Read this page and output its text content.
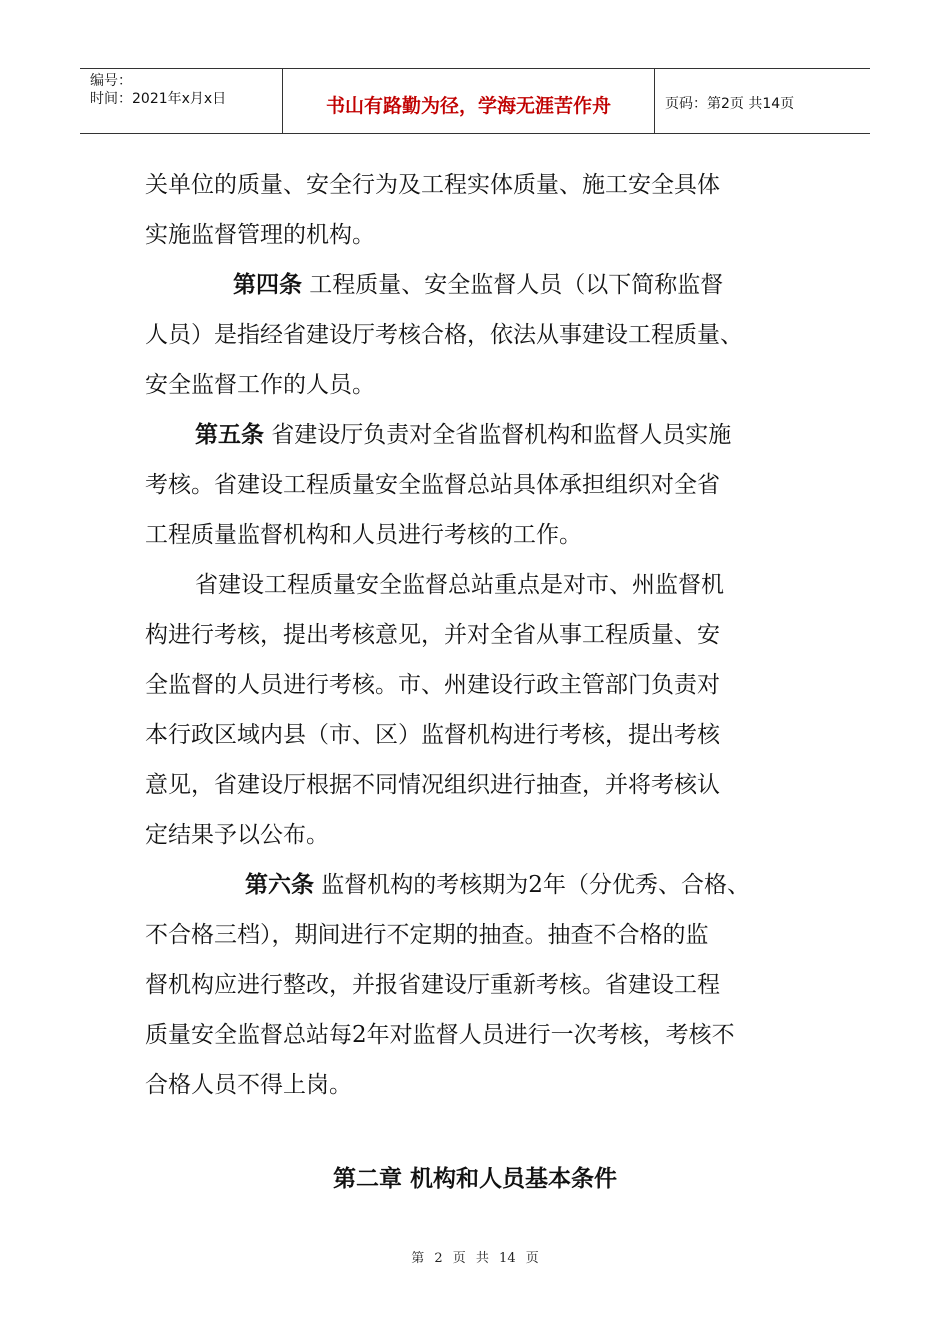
编号：
时间：2021年x月x日	书山有路勤为径，学海无涯苦作舟	页码：第2页 共14页

关单位的质量、安全行为及工程实体质量、施工安全具体

实施监督管理的机构。

第四条 工程质量、安全监督人员（以下简称监督

人员）是指经省建设厅考核合格，依法从事建设工程质量、

安全监督工作的人员。

第五条 省建设厅负责对全省监督机构和监督人员实施

考核。省建设工程质量安全监督总站具体承担组织对全省

工程质量监督机构和人员进行考核的工作。

省建设工程质量安全监督总站重点是对市、州监督机

构进行考核，提出考核意见，并对全省从事工程质量、安

全监督的人员进行考核。市、州建设行政主管部门负责对

本行政区域内县（市、区）监督机构进行考核，提出考核

意见，省建设厅根据不同情况组织进行抽查，并将考核认

定结果予以公布。

第六条 监督机构的考核期为2年（分优秀、合格、

不合格三档），期间进行不定期的抽查。抽查不合格的监

督机构应进行整改，并报省建设厅重新考核。省建设工程

质量安全监督总站每2年对监督人员进行一次考核，考核不

合格人员不得上岗。

第二章 机构和人员基本条件
第 2 页 共 14 页
